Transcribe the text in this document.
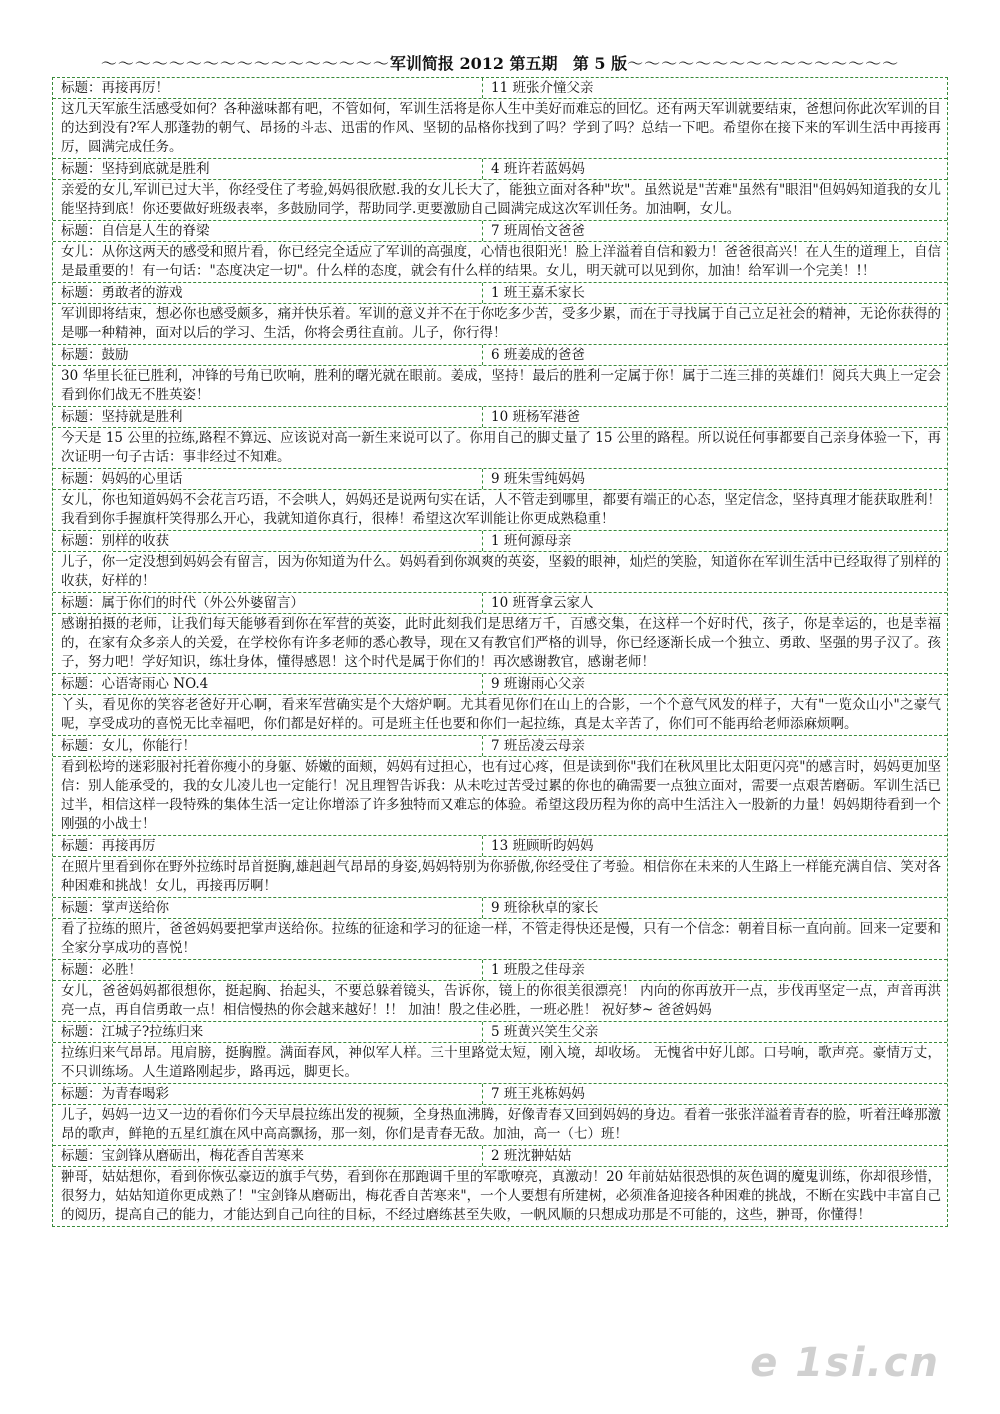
～～～～～～～～～～～～～～～～～军训简报 2012 第五期 第 5 版～～～～～～～～～～～～～～～～
标题：再接再厉！	11 班张介憧父亲
这几天军旅生活感受如何？各种滋味都有吧，不管如何，军训生活将是你人生中美好而难忘的回忆。还有两天军训就要结束，爸想问你此次军训的目的达到没有?军人那蓬勃的朝气、昂扬的斗志、迅雷的作风、坚韧的品格你找到了吗？学到了吗？总结一下吧。希望你在接下来的军训生活中再接再厉，圆满完成任务。
标题：坚持到底就是胜利	4 班许若蓝妈妈
亲爱的女儿,军训已过大半，你经受住了考验,妈妈很欣慰.我的女儿长大了，能独立面对各种"坎"。虽然说是"苦难"虽然有"眼泪"但妈妈知道我的女儿能坚持到底！你还要做好班级表率，多鼓励同学，帮助同学.更要激励自己圆满完成这次军训任务。加油啊，女儿。
标题：自信是人生的脊梁	7 班周怡文爸爸
女儿：从你这两天的感受和照片看，你已经完全适应了军训的高强度，心情也很阳光！脸上洋溢着自信和毅力！爸爸很高兴！在人生的道理上，自信是最重要的！有一句话："态度决定一切"。什么样的态度，就会有什么样的结果。女儿，明天就可以见到你，加油！给军训一个完美！!！
标题：勇敢者的游戏	1 班王嘉禾家长
军训即将结束，想必你也感受颇多，痛并快乐着。军训的意义并不在于你吃多少苦，受多少累，而在于寻找属于自己立足社会的精神，无论你获得的是哪一种精神，面对以后的学习、生活，你将会勇往直前。儿子，你行得！
标题：鼓励	6 班姜成的爸爸
30 华里长征已胜利，冲锋的号角已吹响，胜利的曙光就在眼前。姜成，坚持！最后的胜利一定属于你！属于二连三排的英雄们！阅兵大典上一定会看到你们战无不胜英姿！
标题：坚持就是胜利	10 班杨军港爸
今天是 15 公里的拉练,路程不算远、应该说对高一新生来说可以了。你用自己的脚丈量了 15 公里的路程。所以说任何事都要自己亲身体验一下，再次证明一句子古话：事非经过不知难。
标题：妈妈的心里话	9 班朱雪纯妈妈
女儿，你也知道妈妈不会花言巧语，不会哄人，妈妈还是说两句实在话，人不管走到哪里，都要有端正的心态，坚定信念，坚持真理才能获取胜利！我看到你手握旗杆笑得那么开心，我就知道你真行，很棒！希望这次军训能让你更成熟稳重！
标题：别样的收获	1 班何源母亲
儿子，你一定没想到妈妈会有留言，因为你知道为什么。妈妈看到你飒爽的英姿，坚毅的眼神，灿烂的笑脸，知道你在军训生活中已经取得了别样的收获，好样的！
标题：属于你们的时代（外公外婆留言）	10 班胥拿云家人
感谢拍摄的老师，让我们每天能够看到你在军营的英姿，此时此刻我们是思绪万千，百感交集，在这样一个好时代，孩子，你是幸运的，也是幸福的，在家有众多亲人的关爱，在学校你有许多老师的悉心教导，现在又有教官们严格的训导，你已经逐渐长成一个独立、勇敢、坚强的男子汉了。孩子，努力吧！学好知识，练壮身体，懂得感恩！这个时代是属于你们的！再次感谢教官，感谢老师！
标题：心语寄雨心 NO.4	9 班谢雨心父亲
丫头，看见你的笑容老爸好开心啊，看来军营确实是个大熔炉啊。尤其看见你们在山上的合影，一个个意气风发的样子，大有"一览众山小"之豪气呢，享受成功的喜悦无比幸福吧，你们都是好样的。可是班主任也要和你们一起拉练，真是太辛苦了，你们可不能再给老师添麻烦啊。
标题：女儿，你能行！	7 班岳凌云母亲
看到松垮的迷彩服衬托着你瘦小的身躯、娇嫩的面颊，妈妈有过担心，也有过心疼，但是读到你"我们在秋风里比太阳更闪亮"的感言时，妈妈更加坚信：别人能承受的，我的女儿凌儿也一定能行！况且理智告诉我：从未吃过苦受过累的你也的确需要一点独立面对，需要一点艰苦磨砺。军训生活已过半，相信这样一段特殊的集体生活一定让你增添了许多独特而又难忘的体验。希望这段历程为你的高中生活注入一股新的力量！妈妈期待看到一个刚强的小战士！
标题：再接再厉	13 班顾昕昀妈妈
在照片里看到你在野外拉练时昂首挺胸,雄赳赳气昂昂的身姿,妈妈特别为你骄傲,你经受住了考验。相信你在未来的人生路上一样能充满自信、笑对各种困难和挑战！女儿，再接再厉啊！
标题：掌声送给你	9 班徐秋卓的家长
看了拉练的照片，爸爸妈妈要把掌声送给你。拉练的征途和学习的征途一样，不管走得快还是慢，只有一个信念：朝着目标一直向前。回来一定要和全家分享成功的喜悦！
标题：必胜！	1 班殷之佳母亲
女儿，爸爸妈妈都很想你，挺起胸、抬起头，不要总躲着镜头，告诉你，镜上的你很美很漂亮！ 内向的你再放开一点，步伐再坚定一点，声音再洪亮一点，再自信勇敢一点！相信慢热的你会越来越好！!！ 加油！殷之佳必胜，一班必胜！ 祝好梦~ 爸爸妈妈
标题：江城子?拉练归来	5 班黄兴笑生父亲
拉练归来气昂昂。甩肩膀，挺胸膛。满面春风，神似军人样。三十里路觉太短，刚入境，却收场。 无愧省中好儿郎。口号响，歌声亮。豪情万丈，不只训练场。人生道路刚起步，路再远，脚更长。
标题：为青春喝彩	7 班王兆栋妈妈
儿子，妈妈一边又一边的看你们今天早晨拉练出发的视频，全身热血沸腾，好像青春又回到妈妈的身边。看着一张张洋溢着青春的脸，听着汪峰那激昂的歌声，鲜艳的五星红旗在风中高高飘扬，那一刻，你们是青春无敌。加油，高一（七）班！
标题：宝剑锋从磨砺出，梅花香自苦寒来	2 班沈翀姑姑
翀哥，姑姑想你，看到你恢弘豪迈的旗手气势，看到你在那跑调千里的军歌嘹亮，真激动！20 年前姑姑很恐惧的灰色调的魔鬼训练，你却很珍惜，很努力，姑姑知道你更成熟了！"宝剑锋从磨砺出，梅花香自苦寒来"，一个人要想有所建树，必须准备迎接各种困难的挑战，不断在实践中丰富自己的阅历，提高自己的能力，才能达到自己向往的目标，不经过磨练甚至失败，一帆风顺的只想成功那是不可能的，这些，翀哥，你懂得！
e 1si.cn
